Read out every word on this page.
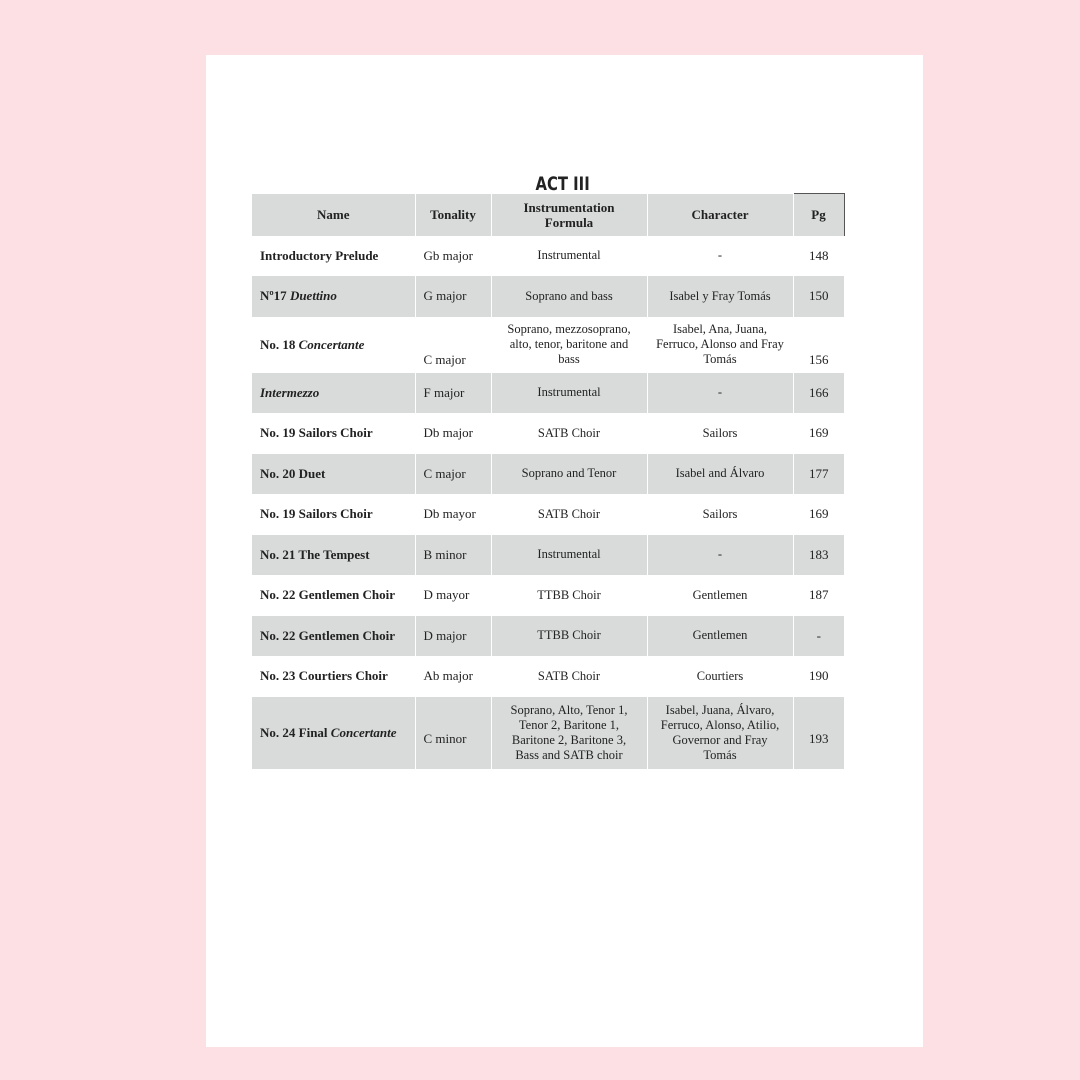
ACT III
Name	Tonality	Instrumentation Formula	Character	Pg
Introductory Prelude	Gb major	Instrumental	-	148
Nº17 Duettino	G major	Soprano and bass	Isabel y Fray Tomás	150
No. 18 Concertante	C major	Soprano, mezzosoprano, alto, tenor, baritone and bass	Isabel, Ana, Juana, Ferruco, Alonso and Fray Tomás	156
Intermezzo	F major	Instrumental	-	166
No. 19 Sailors Choir	Db major	SATB Choir	Sailors	169
No. 20 Duet	C major	Soprano and Tenor	Isabel and Álvaro	177
No. 19 Sailors Choir	Db mayor	SATB Choir	Sailors	169
No. 21 The Tempest	B minor	Instrumental	-	183
No. 22 Gentlemen Choir	D mayor	TTBB Choir	Gentlemen	187
No. 22 Gentlemen Choir	D major	TTBB Choir	Gentlemen	-
No. 23 Courtiers Choir	Ab major	SATB Choir	Courtiers	190
No. 24 Final Concertante	C minor	Soprano, Alto, Tenor 1, Tenor 2, Baritone 1, Baritone 2, Baritone 3, Bass and SATB choir	Isabel, Juana, Álvaro, Ferruco, Alonso, Atilio, Governor and Fray Tomás	193
